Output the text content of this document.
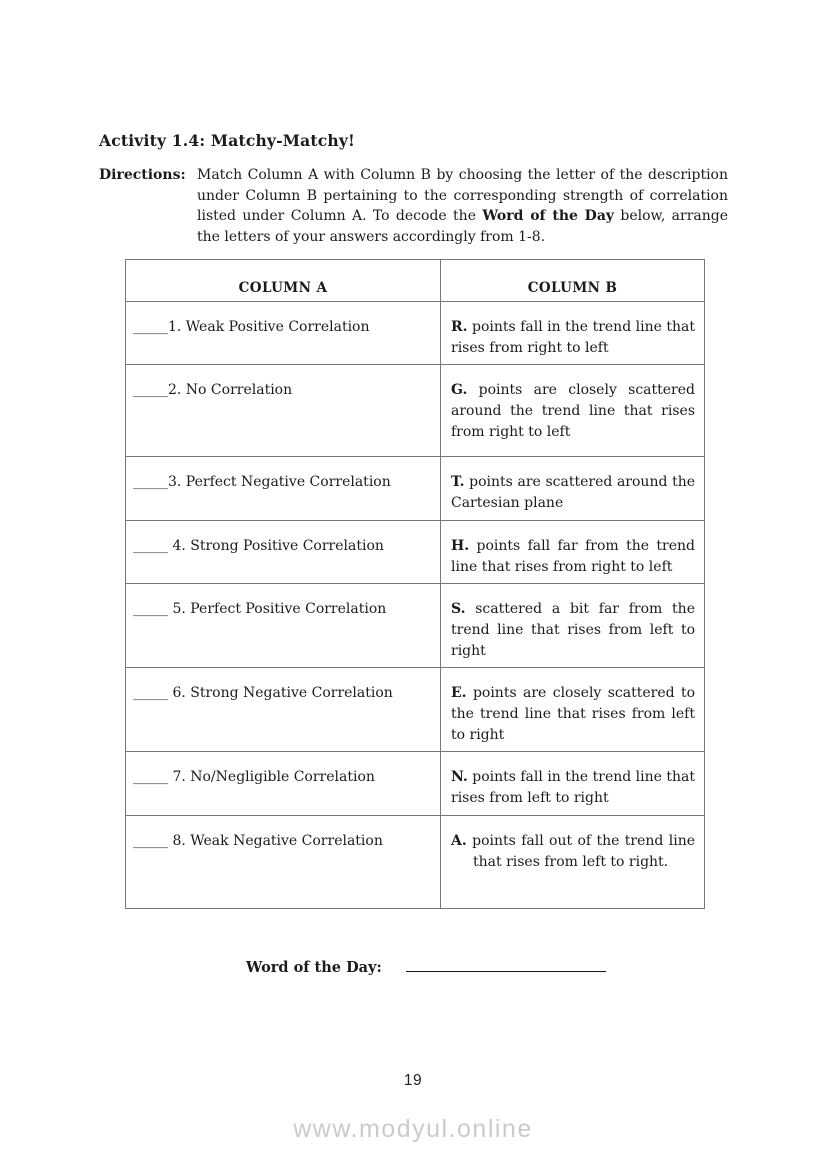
Activity 1.4: Matchy-Matchy!
Directions: Match Column A with Column B by choosing the letter of the description under Column B pertaining to the corresponding strength of correlation listed under Column A. To decode the Word of the Day below, arrange the letters of your answers accordingly from 1-8.
COLUMN A	COLUMN B
_____1. Weak Positive Correlation	R. points fall in the trend line that rises from right to left
_____2. No Correlation	G. points are closely scattered around the trend line that rises from right to left
_____3. Perfect Negative Correlation	T. points are scattered around the Cartesian plane
_____ 4. Strong Positive Correlation	H. points fall far from the trend line that rises from right to left
_____ 5. Perfect Positive Correlation	S. scattered a bit far from the trend line that rises from left to right
_____ 6. Strong Negative Correlation	E. points are closely scattered to the trend line that rises from left to right
_____ 7. No/Negligible Correlation	N. points fall in the trend line that rises from left to right
_____ 8. Weak Negative Correlation	A. points fall out of the trend line that rises from left to right.
Word of the Day:
19
www.modyul.online
